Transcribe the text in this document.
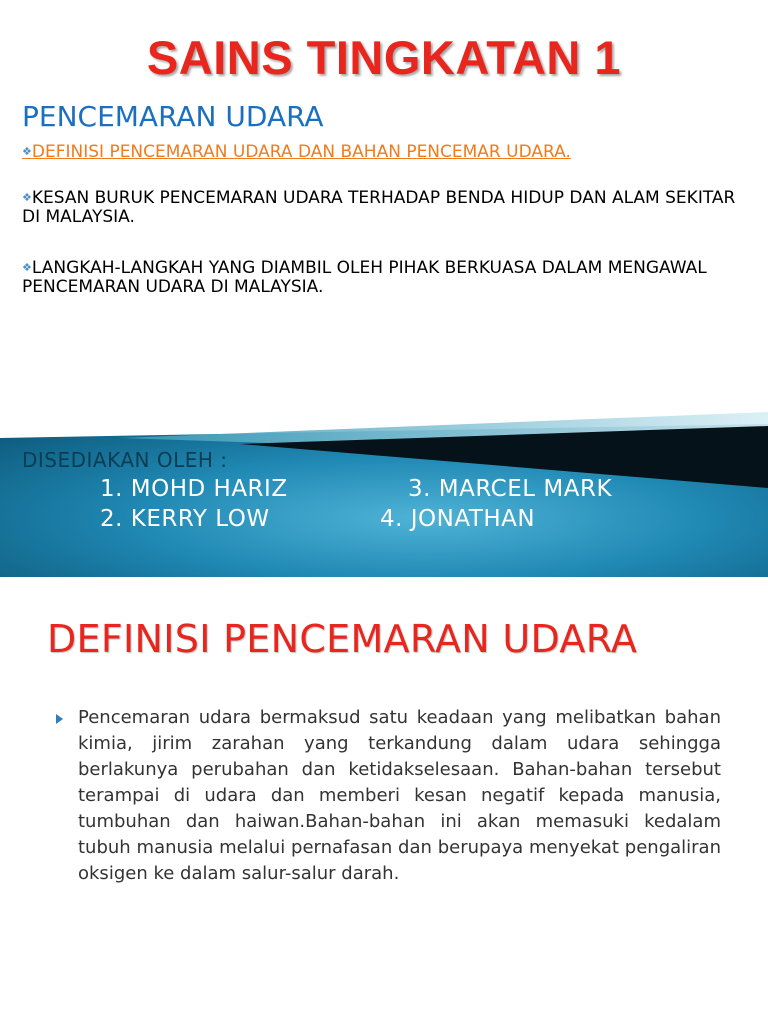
SAINS TINGKATAN 1
PENCEMARAN UDARA
❖DEFINISI PENCEMARAN UDARA DAN BAHAN PENCEMAR UDARA.
❖KESAN BURUK PENCEMARAN UDARA TERHADAP BENDA HIDUP DAN ALAM SEKITAR DI MALAYSIA.
❖LANGKAH-LANGKAH YANG DIAMBIL OLEH PIHAK BERKUASA DALAM MENGAWAL PENCEMARAN UDARA DI MALAYSIA.
DISEDIAKAN OLEH :
1. MOHD HARIZ	3. MARCEL MARK
2. KERRY LOW	4. JONATHAN
DEFINISI PENCEMARAN UDARA
Pencemaran udara bermaksud satu keadaan yang melibatkan bahan kimia, jirim zarahan yang terkandung dalam udara sehingga berlakunya perubahan dan ketidakselesaan. Bahan-bahan tersebut terampai di udara dan memberi kesan negatif kepada manusia, tumbuhan dan haiwan.Bahan-bahan ini akan memasuki kedalam tubuh manusia melalui pernafasan dan berupaya menyekat pengaliran oksigen ke dalam salur-salur darah.
